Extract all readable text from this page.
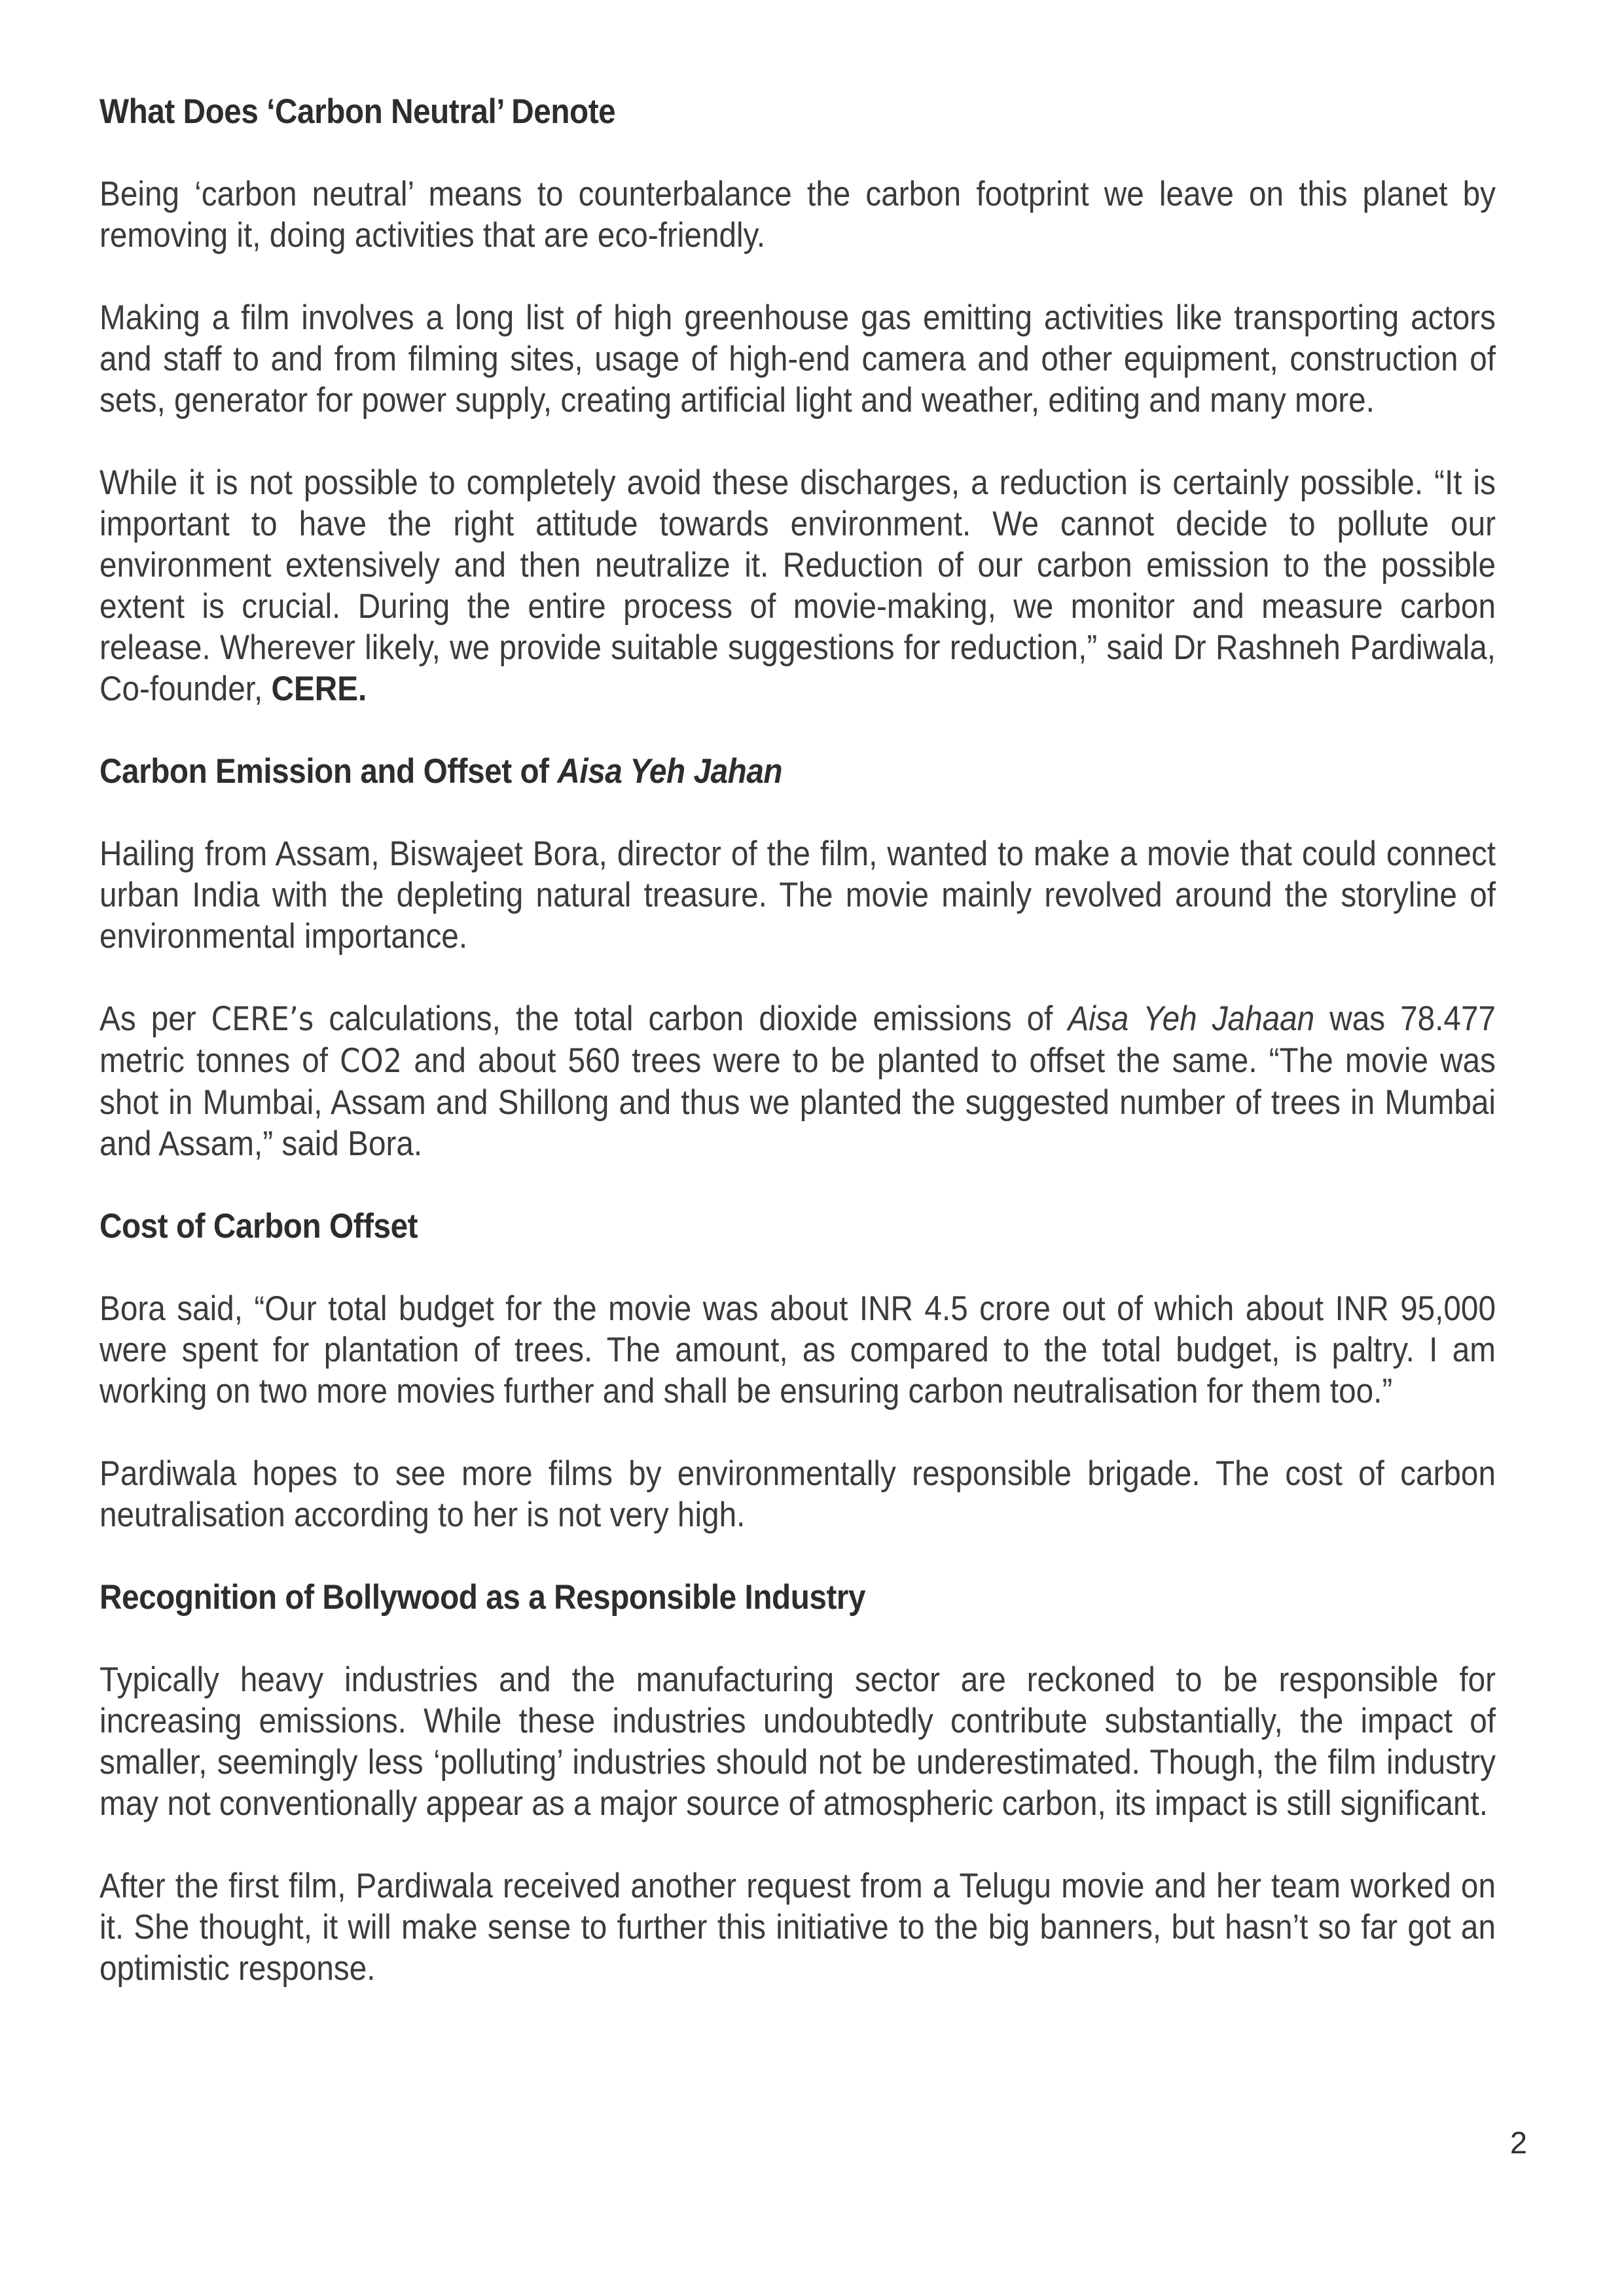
What Does ‘Carbon Neutral’ Denote

Being ‘carbon neutral’ means to counterbalance the carbon footprint we leave on this planet by removing it, doing activities that are eco-friendly.

Making a film involves a long list of high greenhouse gas emitting activities like transporting actors and staff to and from filming sites, usage of high-end camera and other equipment, construction of sets, generator for power supply, creating artificial light and weather, editing and many more.

While it is not possible to completely avoid these discharges, a reduction is certainly possible. “It is important to have the right attitude towards environment. We cannot decide to pollute our environment extensively and then neutralize it. Reduction of our carbon emission to the possible extent is crucial. During the entire process of movie-making, we monitor and measure carbon release. Wherever likely, we provide suitable suggestions for reduction,” said Dr Rashneh Pardiwala, Co-founder, CERE.

Carbon Emission and Offset of Aisa Yeh Jahan

Hailing from Assam, Biswajeet Bora, director of the film, wanted to make a movie that could connect urban India with the depleting natural treasure. The movie mainly revolved around the storyline of environmental importance.

As per CERE’s calculations, the total carbon dioxide emissions of Aisa Yeh Jahaan was 78.477 metric tonnes of CO2 and about 560 trees were to be planted to offset the same. “The movie was shot in Mumbai, Assam and Shillong and thus we planted the suggested number of trees in Mumbai and Assam,” said Bora.

Cost of Carbon Offset

Bora said, “Our total budget for the movie was about INR 4.5 crore out of which about INR 95,000 were spent for plantation of trees. The amount, as compared to the total budget, is paltry. I am working on two more movies further and shall be ensuring carbon neutralisation for them too.”

Pardiwala hopes to see more films by environmentally responsible brigade. The cost of carbon neutralisation according to her is not very high.

Recognition of Bollywood as a Responsible Industry

Typically heavy industries and the manufacturing sector are reckoned to be responsible for increasing emissions. While these industries undoubtedly contribute substantially, the impact of smaller, seemingly less ‘polluting’ industries should not be underestimated. Though, the film industry may not conventionally appear as a major source of atmospheric carbon, its impact is still significant.

After the first film, Pardiwala received another request from a Telugu movie and her team worked on it. She thought, it will make sense to further this initiative to the big banners, but hasn’t so far got an optimistic response.

2
